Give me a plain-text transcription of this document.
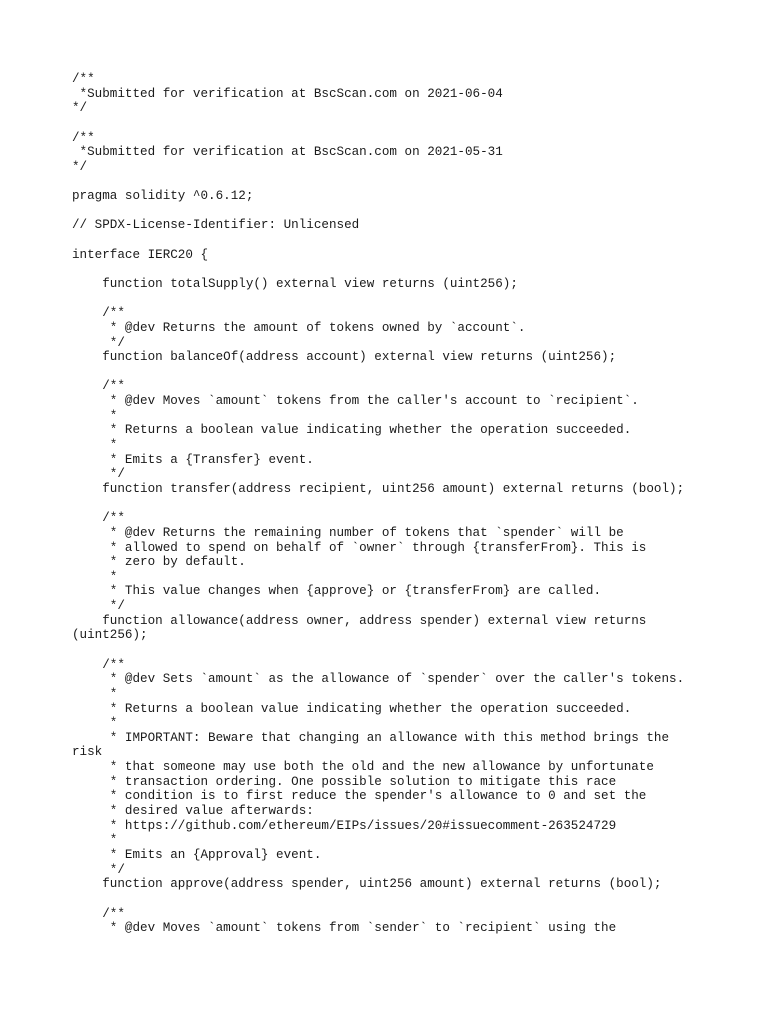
/**
*Submitted for verification at BscScan.com on 2021-06-04
*/
/**
*Submitted for verification at BscScan.com on 2021-05-31
*/
pragma solidity ^0.6.12;
// SPDX-License-Identifier: Unlicensed
interface IERC20 {
function totalSupply() external view returns (uint256);
/**
* @dev Returns the amount of tokens owned by `account`.
*/
function balanceOf(address account) external view returns (uint256);
/**
* @dev Moves `amount` tokens from the caller's account to `recipient`.
*
* Returns a boolean value indicating whether the operation succeeded.
*
* Emits a {Transfer} event.
*/
function transfer(address recipient, uint256 amount) external returns (bool);
/**
* @dev Returns the remaining number of tokens that `spender` will be
* allowed to spend on behalf of `owner` through {transferFrom}. This is
* zero by default.
*
* This value changes when {approve} or {transferFrom} are called.
*/
function allowance(address owner, address spender) external view returns
(uint256);
/**
* @dev Sets `amount` as the allowance of `spender` over the caller's tokens.
*
* Returns a boolean value indicating whether the operation succeeded.
*
* IMPORTANT: Beware that changing an allowance with this method brings the
risk
* that someone may use both the old and the new allowance by unfortunate
* transaction ordering. One possible solution to mitigate this race
* condition is to first reduce the spender's allowance to 0 and set the
* desired value afterwards:
* https://github.com/ethereum/EIPs/issues/20#issuecomment-263524729
*
* Emits an {Approval} event.
*/
function approve(address spender, uint256 amount) external returns (bool);
/**
* @dev Moves `amount` tokens from `sender` to `recipient` using the
